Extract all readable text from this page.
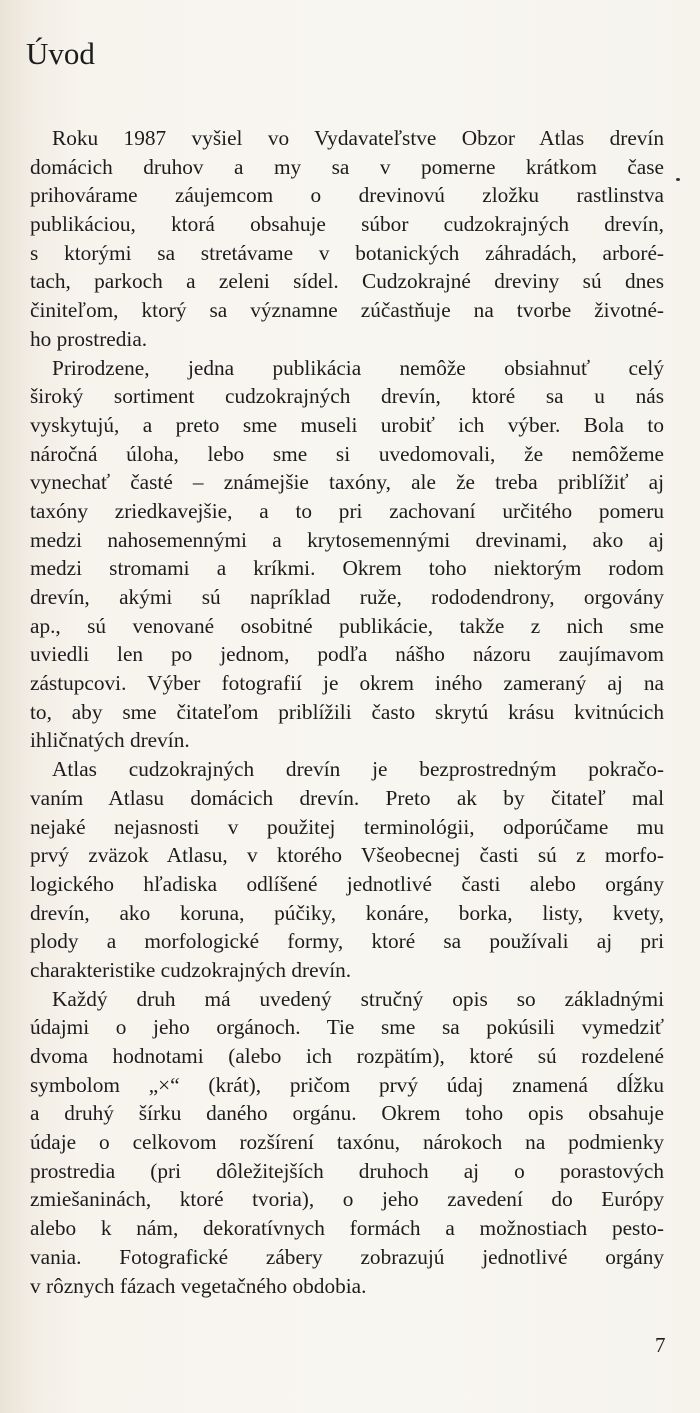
Úvod
Roku 1987 vyšiel vo Vydavateľstve Obzor Atlas drevín
domácich druhov a my sa v pomerne krátkom čase
prihovárame záujemcom o drevinovú zložku rastlinstva
publikáciou, ktorá obsahuje súbor cudzokrajných drevín,
s ktorými sa stretávame v botanických záhradách, arboré-
tach, parkoch a zeleni sídel. Cudzokrajné dreviny sú dnes
činiteľom, ktorý sa významne zúčastňuje na tvorbe životné-
ho prostredia.
Prirodzene, jedna publikácia nemôže obsiahnuť celý
široký sortiment cudzokrajných drevín, ktoré sa u nás
vyskytujú, a preto sme museli urobiť ich výber. Bola to
náročná úloha, lebo sme si uvedomovali, že nemôžeme
vynechať časté – známejšie taxóny, ale že treba priblížiť aj
taxóny zriedkavejšie, a to pri zachovaní určitého pomeru
medzi nahosemennými a krytosemennými drevinami, ako aj
medzi stromami a kríkmi. Okrem toho niektorým rodom
drevín, akými sú napríklad ruže, rododendrony, orgovány
ap., sú venované osobitné publikácie, takže z nich sme
uviedli len po jednom, podľa nášho názoru zaujímavom
zástupcovi. Výber fotografií je okrem iného zameraný aj na
to, aby sme čitateľom priblížili často skrytú krásu kvitnúcich
ihličnatých drevín.
Atlas cudzokrajných drevín je bezprostredným pokračo-
vaním Atlasu domácich drevín. Preto ak by čitateľ mal
nejaké nejasnosti v použitej terminológii, odporúčame mu
prvý zväzok Atlasu, v ktorého Všeobecnej časti sú z morfo-
logického hľadiska odlíšené jednotlivé časti alebo orgány
drevín, ako koruna, púčiky, konáre, borka, listy, kvety,
plody a morfologické formy, ktoré sa používali aj pri
charakteristike cudzokrajných drevín.
Každý druh má uvedený stručný opis so základnými
údajmi o jeho orgánoch. Tie sme sa pokúsili vymedziť
dvoma hodnotami (alebo ich rozpätím), ktoré sú rozdelené
symbolom „×“ (krát), pričom prvý údaj znamená dĺžku
a druhý šírku daného orgánu. Okrem toho opis obsahuje
údaje o celkovom rozšírení taxónu, nárokoch na podmienky
prostredia (pri dôležitejších druhoch aj o porastových
zmiešaninách, ktoré tvoria), o jeho zavedení do Európy
alebo k nám, dekoratívnych formách a možnostiach pesto-
vania. Fotografické zábery zobrazujú jednotlivé orgány
v rôznych fázach vegetačného obdobia.
7
